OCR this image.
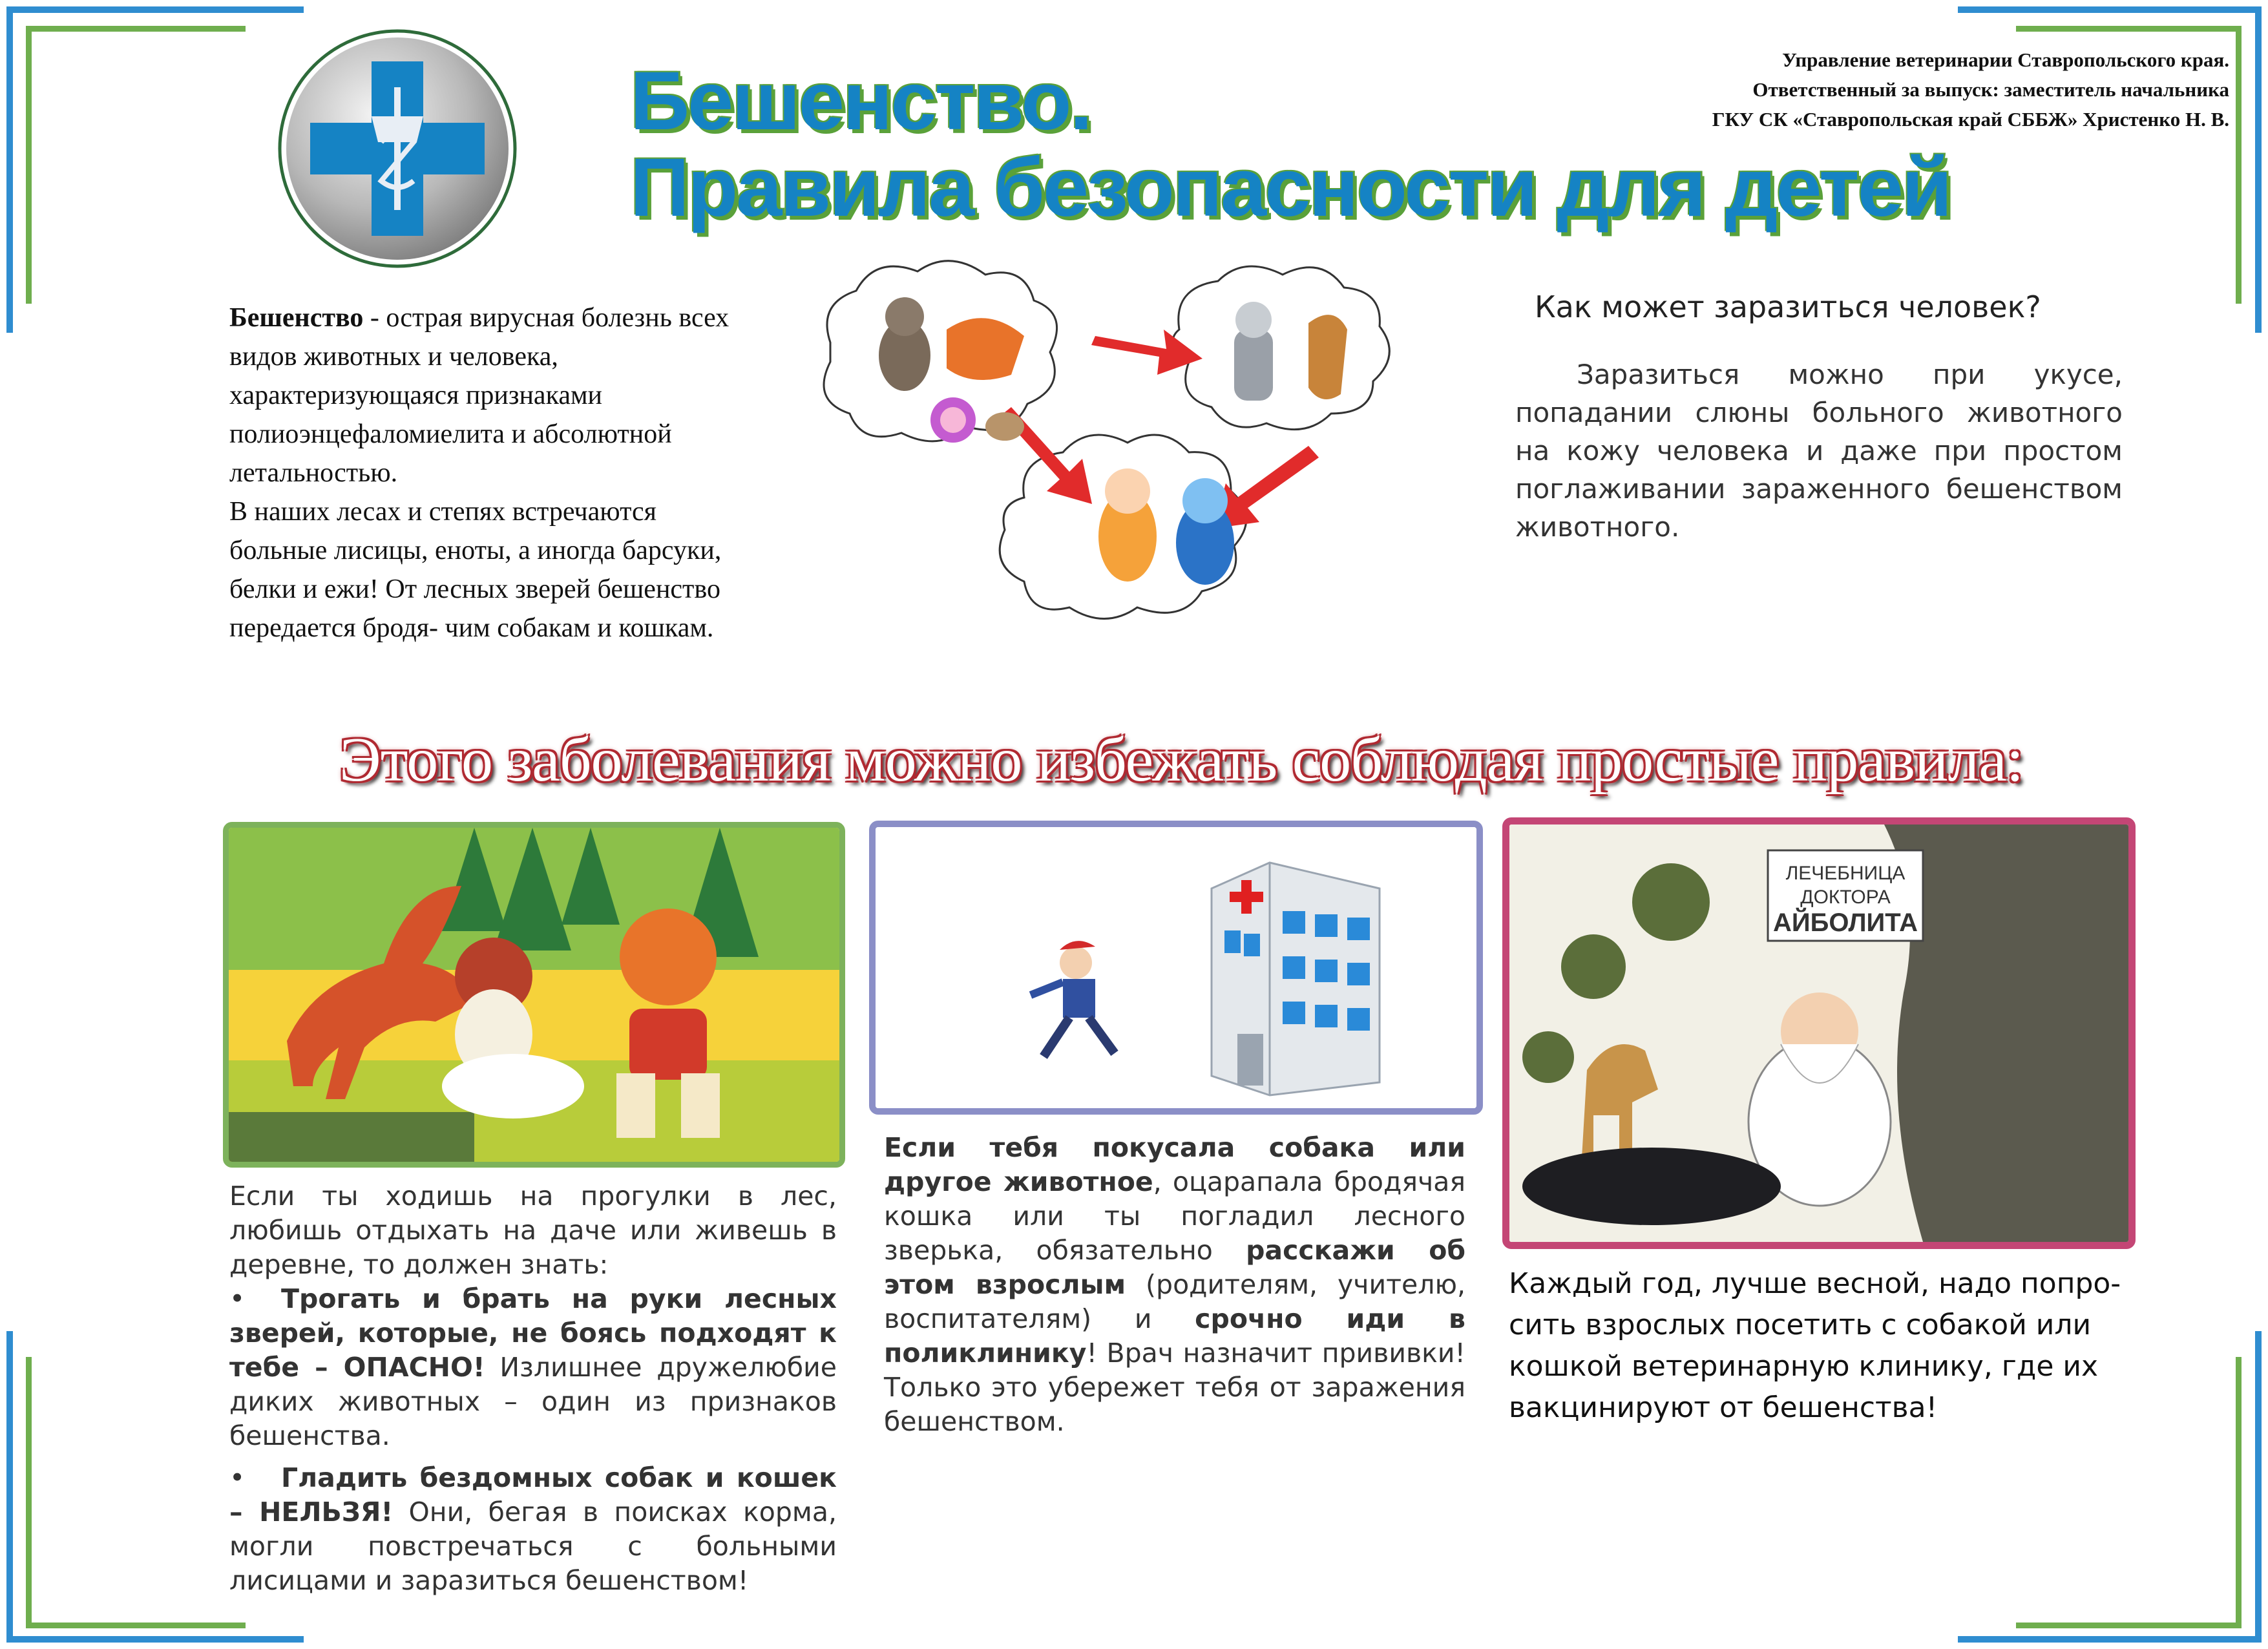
Управление ветеринарии Ставропольского края.
Ответственный за выпуск: заместитель начальника
ГКУ СК «Ставропольская край СББЖ» Христенко Н. В.
Бешенство.
Правила безопасности для детей
Бешенство - острая вирусная болезнь всех видов животных и человека, характеризующаяся признаками полиоэнцефаломиелита и абсолютной летальностью.
В наших лесах и степях встречаются больные лисицы, еноты, а иногда барсуки, белки и ежи! От лесных зверей бешенство передается бродя- чим собакам и кошкам.
Как может заразиться человек?
Заразиться можно при укусе, попадании слюны больного животного на кожу человека и даже при простом поглаживании зараженного бешенством животного.
Этого заболевания можно избежать соблюдая простые правила:
ЛЕЧЕБНИЦА
ДОКТОРА
АЙБОЛИТА

Если ты ходишь на прогулки в лес, любишь отдыхать на даче или живешь в деревне, то должен знать:

• Трогать и брать на руки лесных зверей, которые, не боясь подходят к тебе – ОПАСНО! Излишнее дружелюбие диких животных – один из признаков бешенства.

• Гладить бездомных собак и кошек – НЕЛЬЗЯ! Они, бегая в поисках корма, могли повстречаться с больными лисицами и заразиться бешенством!

Если тебя покусала собака или другое животное, оцарапала бродячая кошка или ты погладил лесного зверька, обязательно расскажи об этом взрослым (родителям, учителю, воспитателям) и срочно иди в поликлинику! Врач назначит прививки! Только это убережет тебя от заражения бешенством.

Каждый год, лучше весной, надо попро- сить взрослых посетить с собакой или кошкой ветеринарную клинику, где их вакцинируют от бешенства!
